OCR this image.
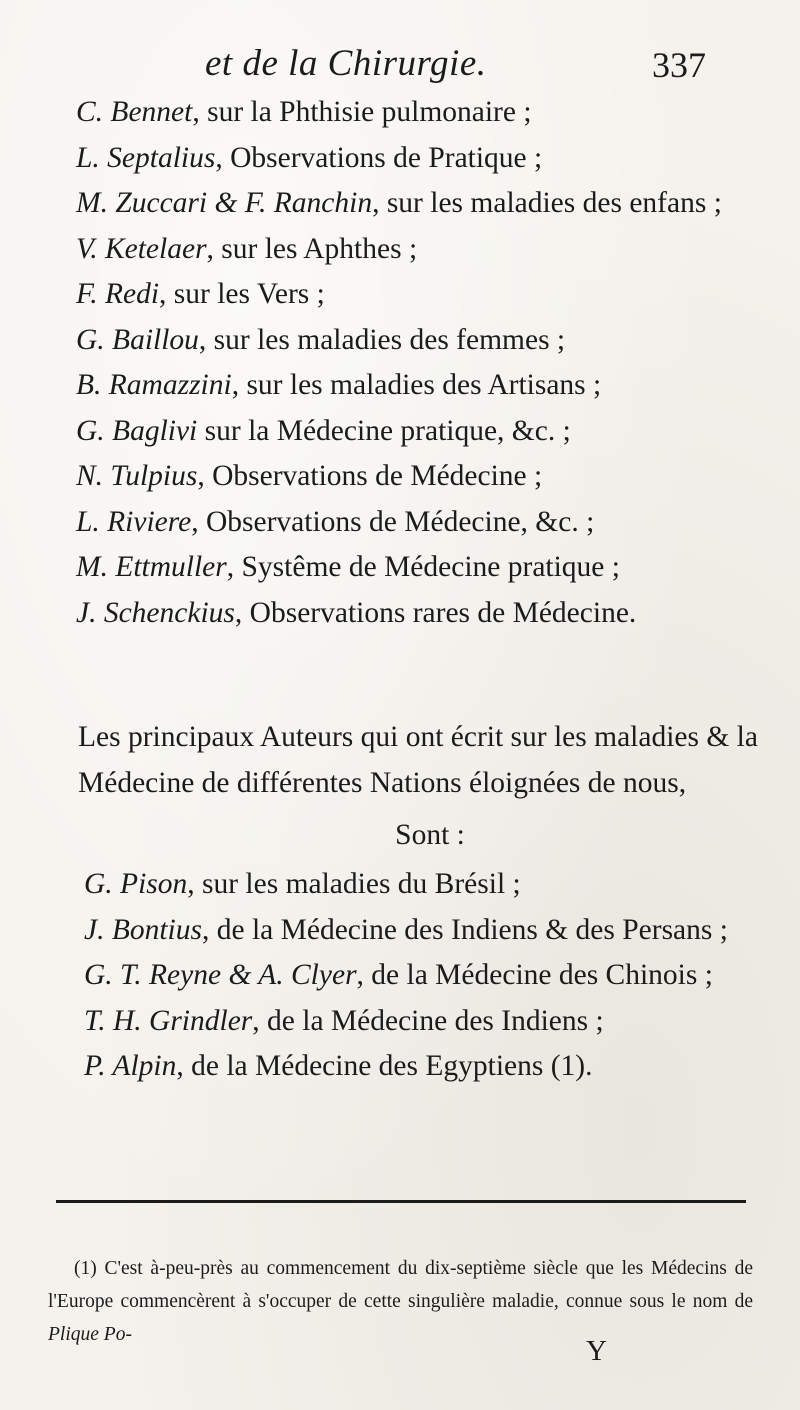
et de la Chirurgie.	337
C. Bennet, sur la Phthisie pulmonaire ;
L. Septalius, Observations de Pratique ;
M. Zuccari & F. Ranchin, sur les maladies des enfans ;
V. Ketelaer, sur les Aphthes ;
F. Redi, sur les Vers ;
G. Baillou, sur les maladies des femmes ;
B. Ramazzini, sur les maladies des Artisans ;
G. Baglivi sur la Médecine pratique, &c. ;
N. Tulpius, Observations de Médecine ;
L. Riviere, Observations de Médecine, &c. ;
M. Ettmuller, Systême de Médecine pratique ;
J. Schenckius, Observations rares de Médecine.

Les principaux Auteurs qui ont écrit sur les maladies & la Médecine de différentes Nations éloignées de nous,

Sont :
G. Pison, sur les maladies du Brésil ;
J. Bontius, de la Médecine des Indiens & des Persans ;
G. T. Reyne & A. Clyer, de la Médecine des Chinois ;
T. H. Grindler, de la Médecine des Indiens ;
P. Alpin, de la Médecine des Egyptiens (1).

(1) C'est à-peu-près au commencement du dix-septième siècle que les Médecins de l'Europe commencèrent à s'occuper de cette singulière maladie, connue sous le nom de Plique Po-

Y
